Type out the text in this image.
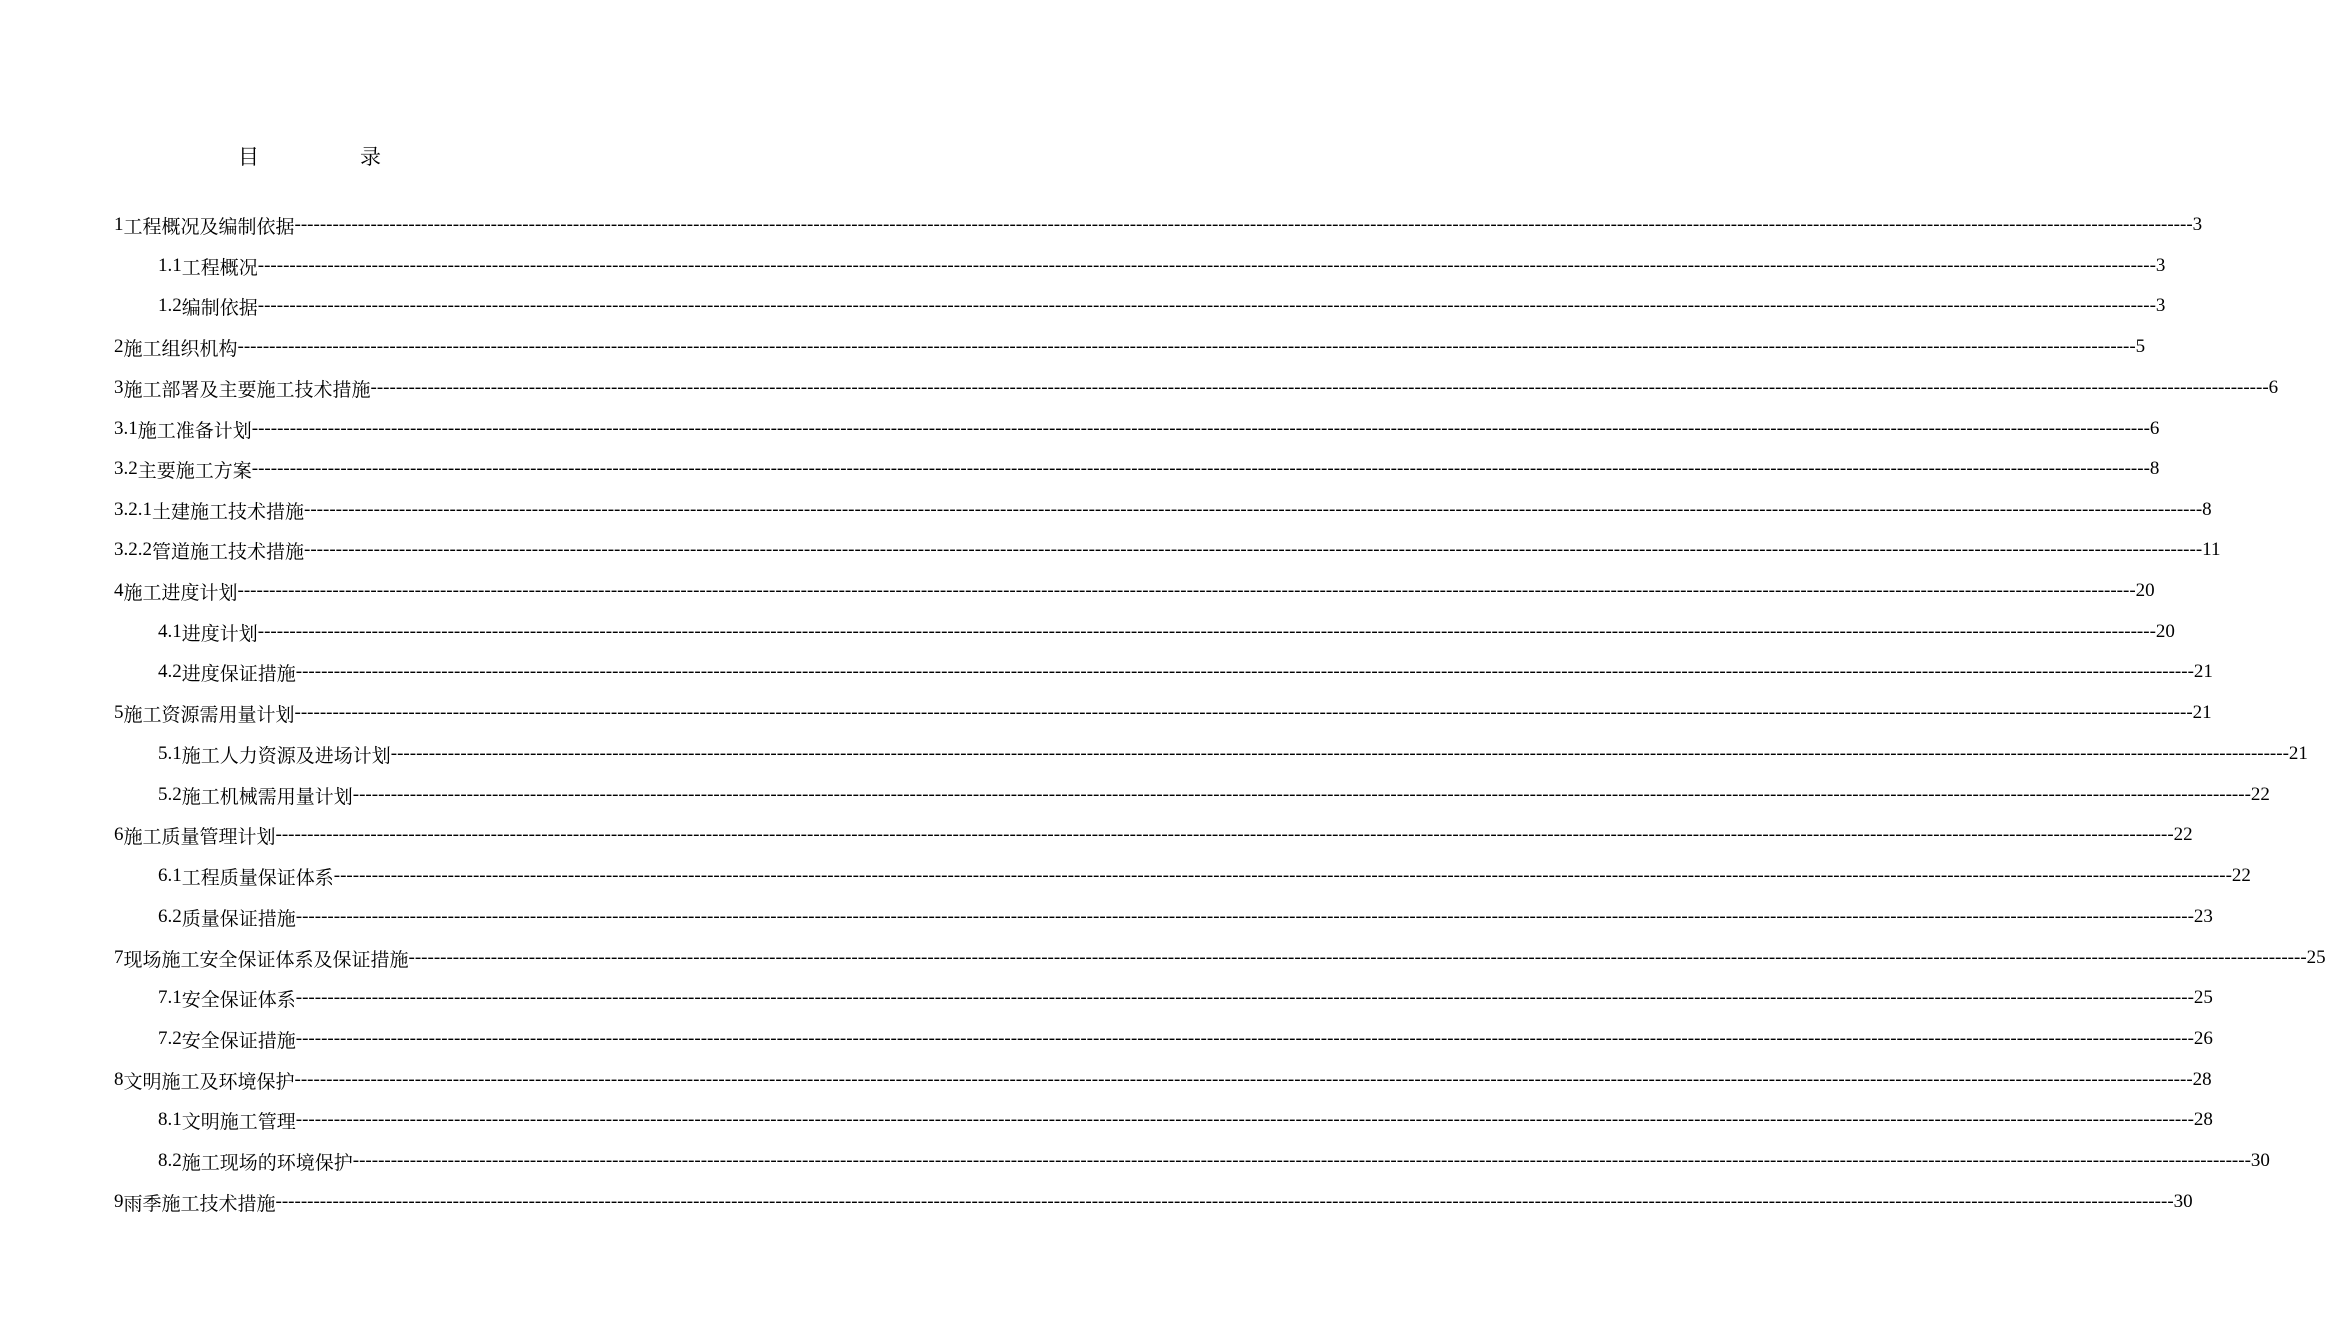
目	录
1 工程概况及编制依据 ------------------------------------------------------------------------------------------------------------------------------------------------------------------------------------------------------------------------------------------------------------------------------------------------------------ 3
1.1 工程概况 ------------------------------------------------------------------------------------------------------------------------------------------------------------------------------------------------------------------------------------------------------------------------------------------------------------ 3
1.2 编制依据 ------------------------------------------------------------------------------------------------------------------------------------------------------------------------------------------------------------------------------------------------------------------------------------------------------------ 3
2 施工组织机构 ------------------------------------------------------------------------------------------------------------------------------------------------------------------------------------------------------------------------------------------------------------------------------------------------------------ 5
3 施工部署及主要施工技术措施 ------------------------------------------------------------------------------------------------------------------------------------------------------------------------------------------------------------------------------------------------------------------------------------------------------------ 6
3.1 施工准备计划 ------------------------------------------------------------------------------------------------------------------------------------------------------------------------------------------------------------------------------------------------------------------------------------------------------------ 6
3.2 主要施工方案 ------------------------------------------------------------------------------------------------------------------------------------------------------------------------------------------------------------------------------------------------------------------------------------------------------------ 8
3.2.1 土建施工技术措施 ------------------------------------------------------------------------------------------------------------------------------------------------------------------------------------------------------------------------------------------------------------------------------------------------------------ 8
3.2.2 管道施工技术措施 ------------------------------------------------------------------------------------------------------------------------------------------------------------------------------------------------------------------------------------------------------------------------------------------------------------ 11
4 施工进度计划 ------------------------------------------------------------------------------------------------------------------------------------------------------------------------------------------------------------------------------------------------------------------------------------------------------------ 20
4.1 进度计划 ------------------------------------------------------------------------------------------------------------------------------------------------------------------------------------------------------------------------------------------------------------------------------------------------------------ 20
4.2 进度保证措施 ------------------------------------------------------------------------------------------------------------------------------------------------------------------------------------------------------------------------------------------------------------------------------------------------------------ 21
5 施工资源需用量计划 ------------------------------------------------------------------------------------------------------------------------------------------------------------------------------------------------------------------------------------------------------------------------------------------------------------ 21
5.1 施工人力资源及进场计划 ------------------------------------------------------------------------------------------------------------------------------------------------------------------------------------------------------------------------------------------------------------------------------------------------------------ 21
5.2 施工机械需用量计划 ------------------------------------------------------------------------------------------------------------------------------------------------------------------------------------------------------------------------------------------------------------------------------------------------------------ 22
6 施工质量管理计划 ------------------------------------------------------------------------------------------------------------------------------------------------------------------------------------------------------------------------------------------------------------------------------------------------------------ 22
6.1 工程质量保证体系 ------------------------------------------------------------------------------------------------------------------------------------------------------------------------------------------------------------------------------------------------------------------------------------------------------------ 22
6.2 质量保证措施 ------------------------------------------------------------------------------------------------------------------------------------------------------------------------------------------------------------------------------------------------------------------------------------------------------------ 23
7 现场施工安全保证体系及保证措施 ------------------------------------------------------------------------------------------------------------------------------------------------------------------------------------------------------------------------------------------------------------------------------------------------------------ 25
7.1 安全保证体系 ------------------------------------------------------------------------------------------------------------------------------------------------------------------------------------------------------------------------------------------------------------------------------------------------------------ 25
7.2 安全保证措施 ------------------------------------------------------------------------------------------------------------------------------------------------------------------------------------------------------------------------------------------------------------------------------------------------------------ 26
8 文明施工及环境保护 ------------------------------------------------------------------------------------------------------------------------------------------------------------------------------------------------------------------------------------------------------------------------------------------------------------ 28
8.1 文明施工管理 ------------------------------------------------------------------------------------------------------------------------------------------------------------------------------------------------------------------------------------------------------------------------------------------------------------ 28
8.2 施工现场的环境保护 ------------------------------------------------------------------------------------------------------------------------------------------------------------------------------------------------------------------------------------------------------------------------------------------------------------ 30
9 雨季施工技术措施 ------------------------------------------------------------------------------------------------------------------------------------------------------------------------------------------------------------------------------------------------------------------------------------------------------------ 30
